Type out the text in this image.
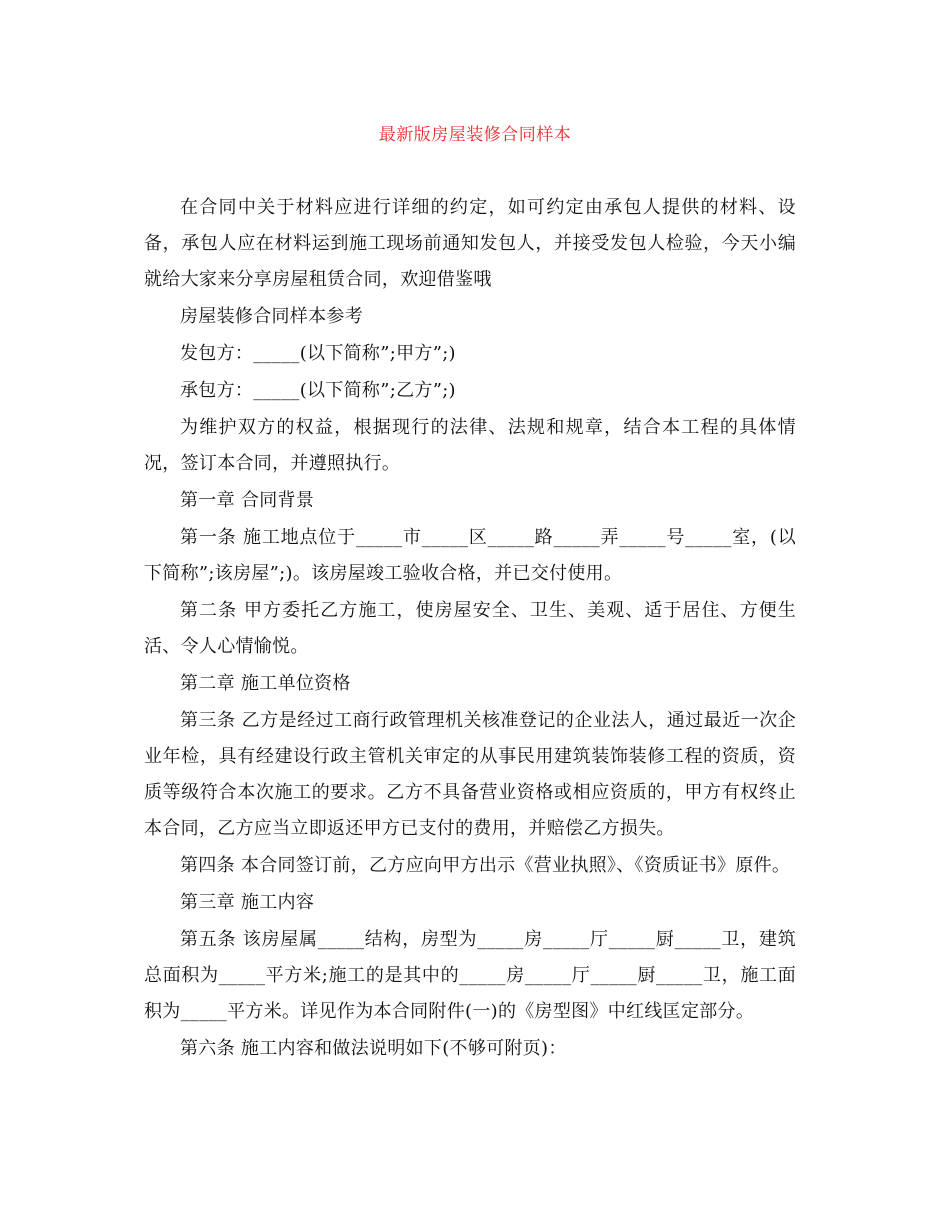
最新版房屋装修合同样本

在合同中关于材料应进行详细的约定，如可约定由承包人提供的材料、设备，承包人应在材料运到施工现场前通知发包人，并接受发包人检验，今天小编就给大家来分享房屋租赁合同，欢迎借鉴哦

房屋装修合同样本参考

发包方：_____(以下简称”;甲方”;)

承包方：_____(以下简称”;乙方”;)

为维护双方的权益，根据现行的法律、法规和规章，结合本工程的具体情况，签订本合同，并遵照执行。

第一章 合同背景

第一条 施工地点位于_____市_____区_____路_____弄_____号_____室，(以下简称”;该房屋”;)。该房屋竣工验收合格，并已交付使用。

第二条 甲方委托乙方施工，使房屋安全、卫生、美观、适于居住、方便生活、令人心情愉悦。

第二章 施工单位资格

第三条 乙方是经过工商行政管理机关核准登记的企业法人，通过最近一次企业年检，具有经建设行政主管机关审定的从事民用建筑装饰装修工程的资质，资质等级符合本次施工的要求。乙方不具备营业资格或相应资质的，甲方有权终止本合同，乙方应当立即返还甲方已支付的费用，并赔偿乙方损失。

第四条 本合同签订前，乙方应向甲方出示《营业执照》、《资质证书》原件。

第三章 施工内容

第五条 该房屋属_____结构，房型为_____房_____厅_____厨_____卫，建筑总面积为_____平方米;施工的是其中的_____房_____厅_____厨_____卫，施工面积为_____平方米。详见作为本合同附件(一)的《房型图》中红线匡定部分。

第六条 施工内容和做法说明如下(不够可附页)：
